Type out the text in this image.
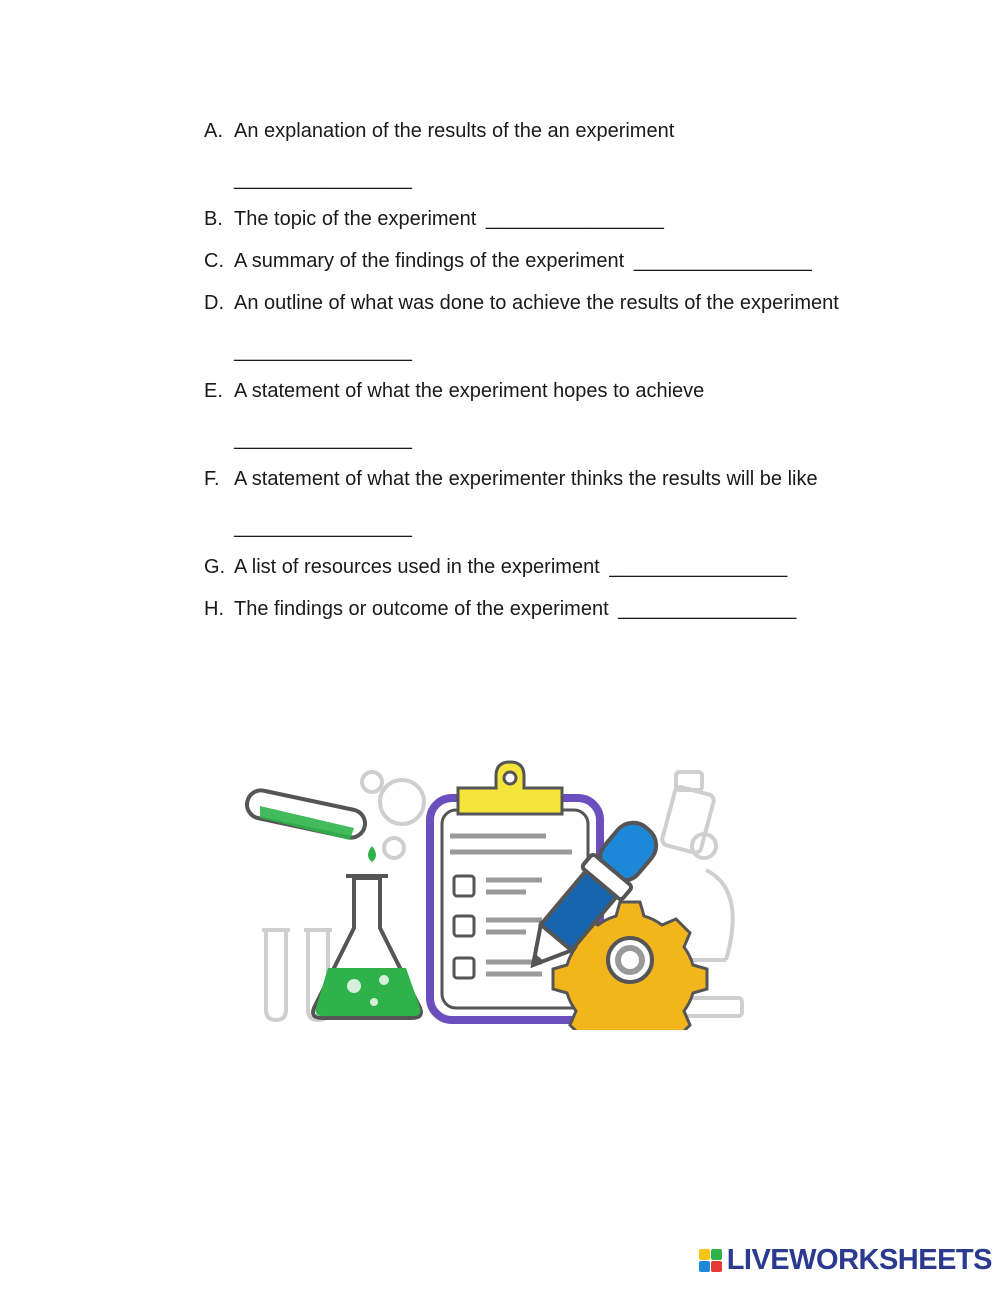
A. An explanation of the results of the an experiment
________________
B. The topic of the experiment ________________
C. A summary of the findings of the experiment ________________
D. An outline of what was done to achieve the results of the experiment
________________
E. A statement of what the experiment hopes to achieve
________________
F. A statement of what the experimenter thinks the results will be like
________________
G. A list of resources used in the experiment ________________
H. The findings or outcome of the experiment ________________
LIVEWORKSHEETS
